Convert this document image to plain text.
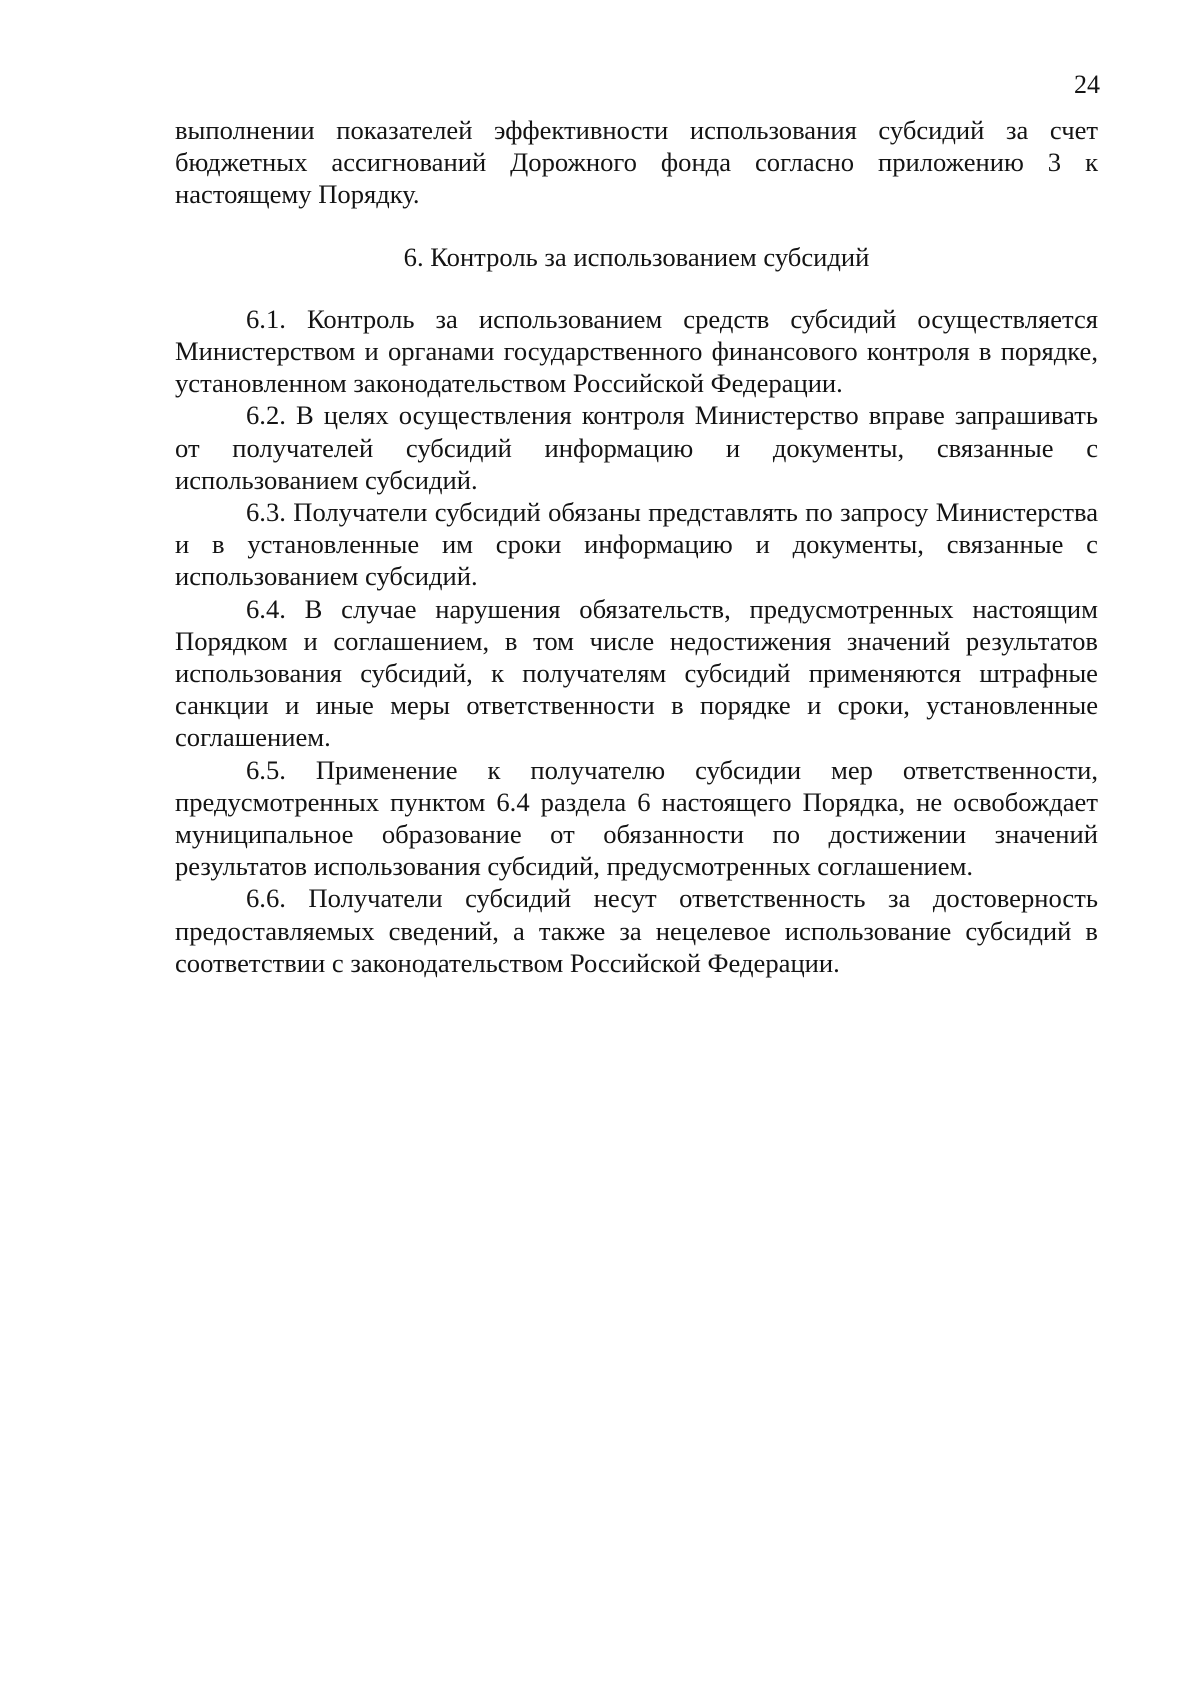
24

выполнении показателей эффективности использования субсидий за счет бюджетных ассигнований Дорожного фонда согласно приложению 3 к настоящему Порядку.

6. Контроль за использованием субсидий

6.1. Контроль за использованием средств субсидий осуществляется Министерством и органами государственного финансового контроля в порядке, установленном законодательством Российской Федерации.

6.2. В целях осуществления контроля Министерство вправе запрашивать от получателей субсидий информацию и документы, связанные с использованием субсидий.

6.3. Получатели субсидий обязаны представлять по запросу Министерства и в установленные им сроки информацию и документы, связанные с использованием субсидий.

6.4. В случае нарушения обязательств, предусмотренных настоящим Порядком и соглашением, в том числе недостижения значений результатов использования субсидий, к получателям субсидий применяются штрафные санкции и иные меры ответственности в порядке и сроки, установленные соглашением.

6.5. Применение к получателю субсидии мер ответственности, предусмотренных пунктом 6.4 раздела 6 настоящего Порядка, не освобождает муниципальное образование от обязанности по достижении значений результатов использования субсидий, предусмотренных соглашением.

6.6. Получатели субсидий несут ответственность за достоверность предоставляемых сведений, а также за нецелевое использование субсидий в соответствии с законодательством Российской Федерации.
